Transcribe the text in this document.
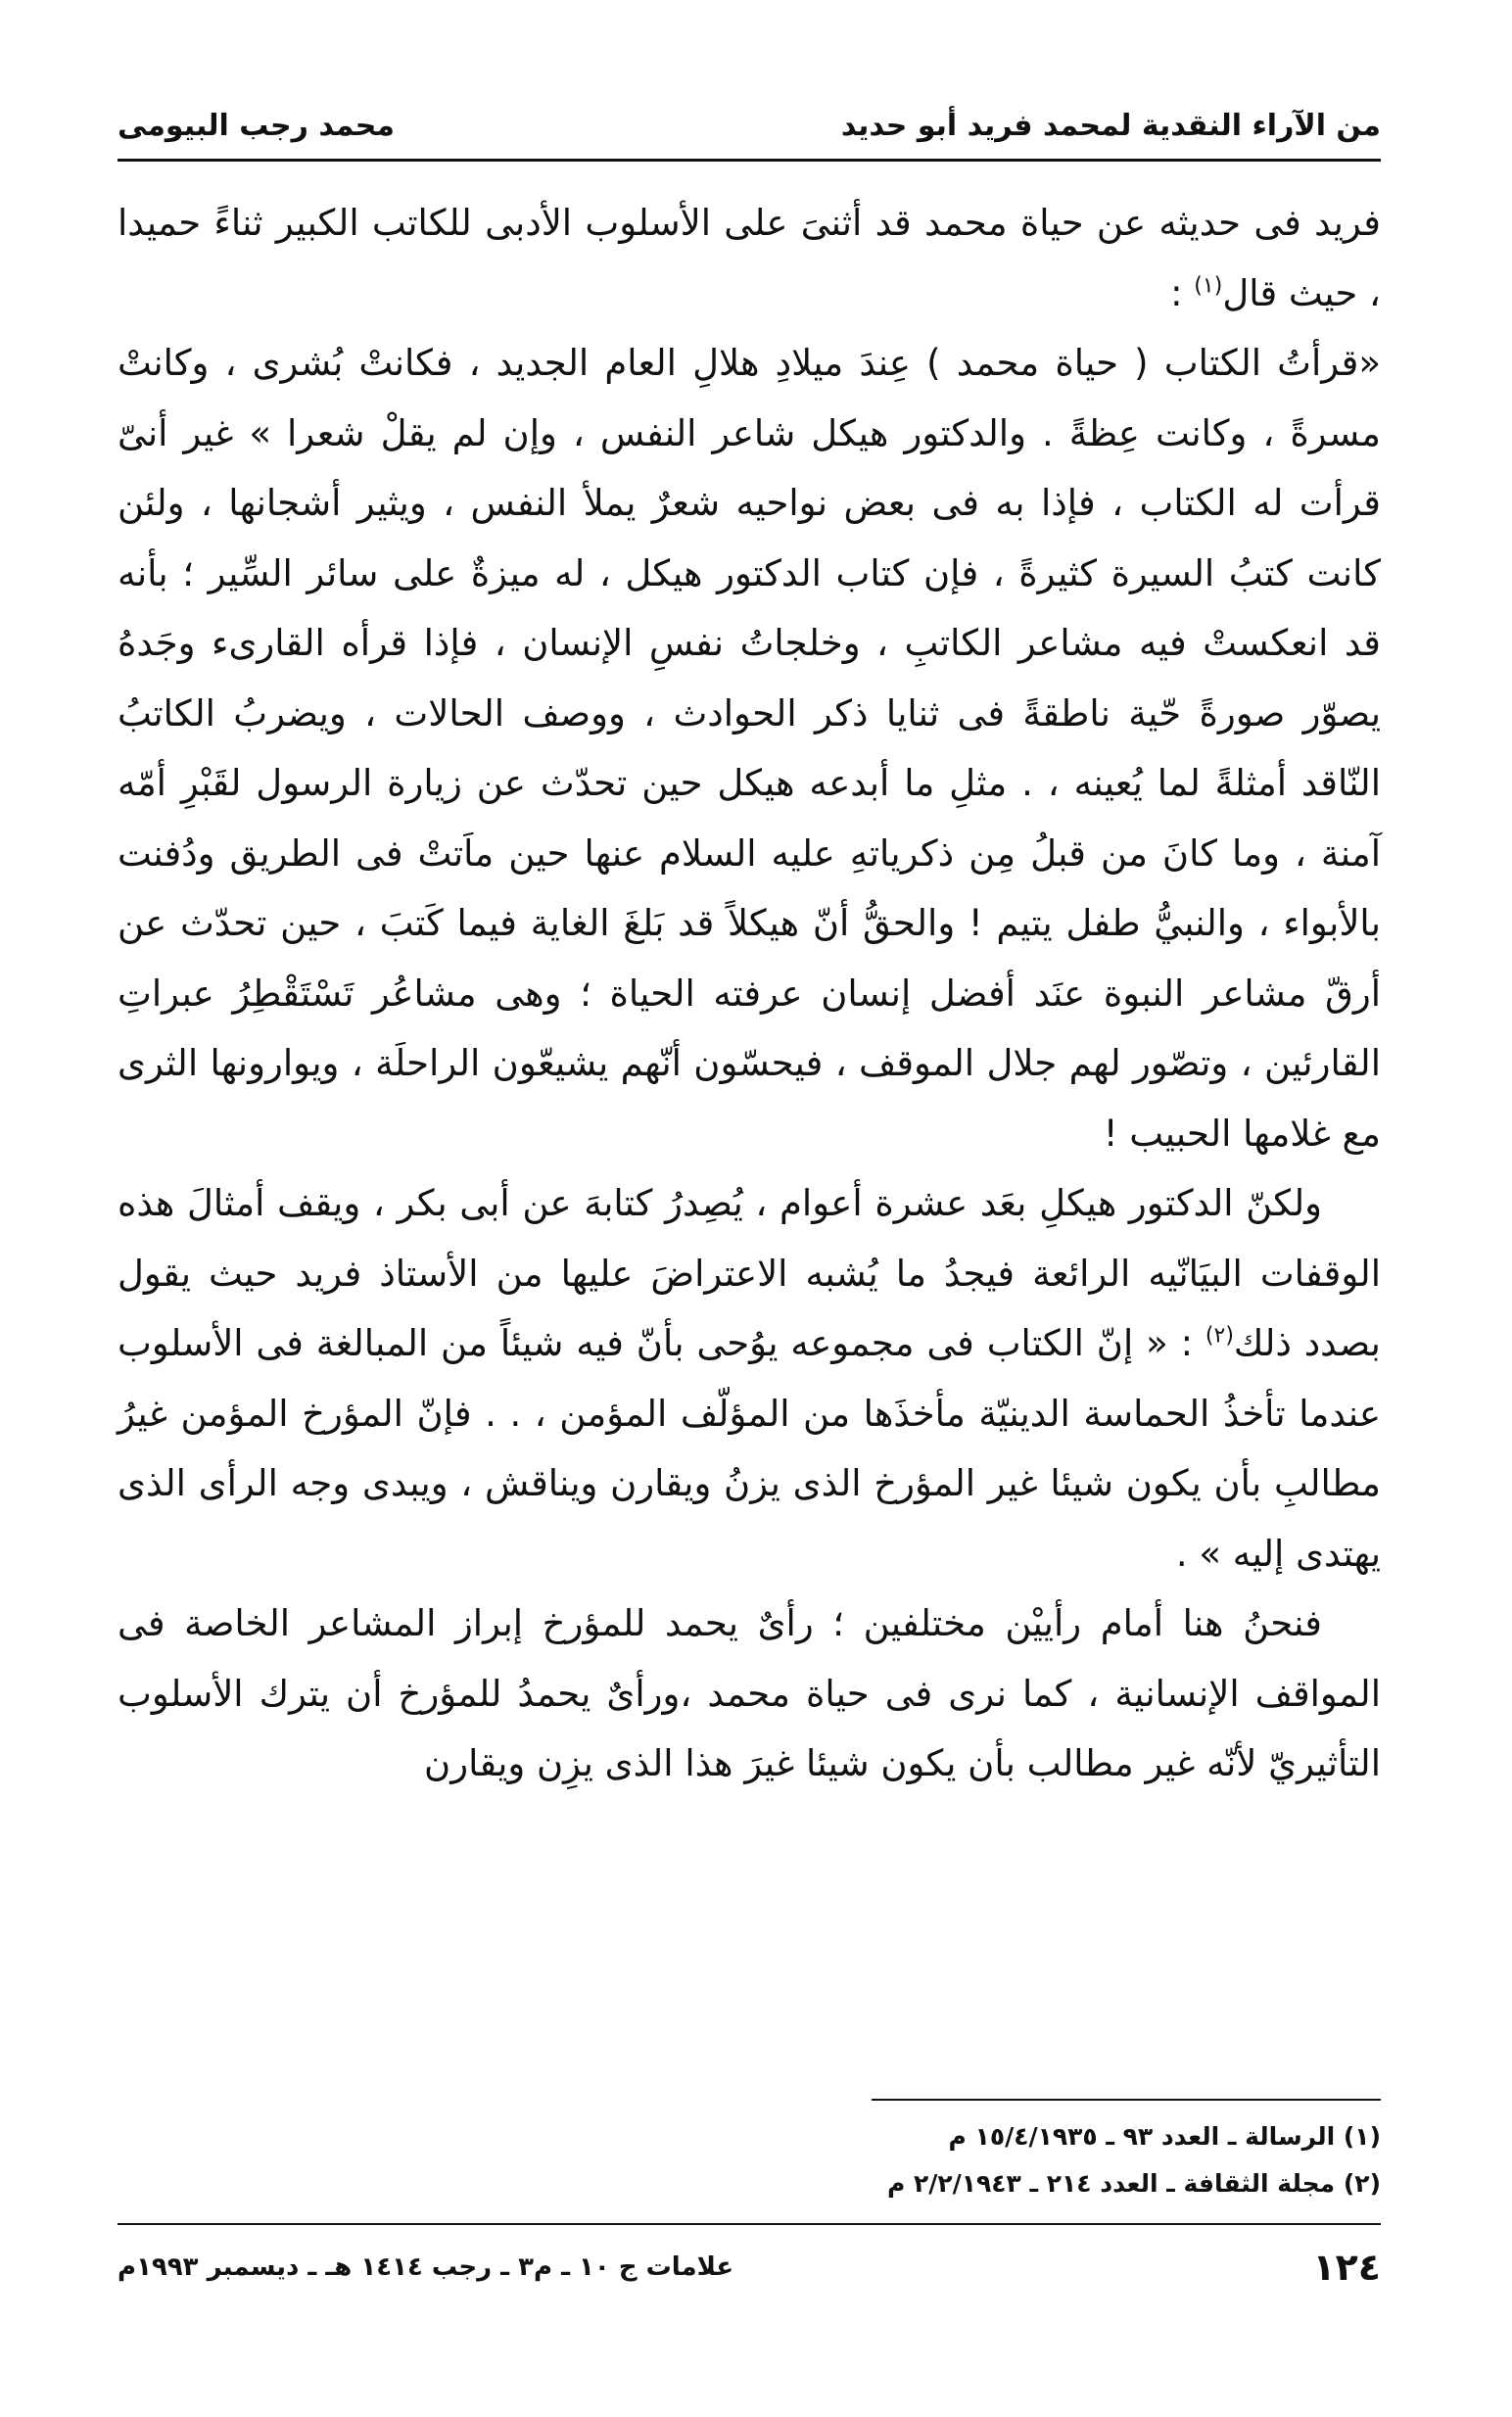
من الآراء النقدية لمحمد فريد أبو حديد
محمد رجب البيومى

فريد فى حديثه عن حياة محمد قد أثنىَ على الأسلوب الأدبى للكاتب الكبير ثناءً حميدا ، حيث قال$^{(١)}$ :

«قرأتُ الكتاب ( حياة محمد ) عِندَ ميلادِ هلالِ العام الجديد ، فكانتْ بُشرى ، وكانتْ مسرةً ، وكانت عِظةً . والدكتور هيكل شاعر النفس ، وإن لم يقلْ شعرا » غير أنىّ قرأت له الكتاب ، فإذا به فى بعض نواحيه شعرٌ يملأ النفس ، ويثير أشجانها ، ولئن كانت كتبُ السيرة كثيرةً ، فإن كتاب الدكتور هيكل ، له ميزةٌ على سائر السِّير ؛ بأنه قد انعكستْ فيه مشاعر الكاتبِ ، وخلجاتُ نفسِ الإنسان ، فإذا قرأه القارىء وجَدهُ يصوّر صورةً حّية ناطقةً فى ثنايا ذكر الحوادث ، ووصف الحالات ، ويضربُ الكاتبُ النّاقد أمثلةً لما يُعينه ، . مثلِ ما أبدعه هيكل حين تحدّث عن زيارة الرسول لقَبْرِ أمّه آمنة ، وما كانَ من قبلُ مِن ذكرياتهِ عليه السلام عنها حين ماَتتْ فى الطريق ودُفنت بالأبواء ، والنبيُّ طفل يتيم ! والحقُّ أنّ هيكلاً قد بَلغَ الغاية فيما كَتبَ ، حين تحدّث عن أرقّ مشاعر النبوة عنَد أفضل إنسان عرفته الحياة ؛ وهى مشاعُر تَسْتَقْطِرُ عبراتِ القارئين ، وتصّور لهم جلال الموقف ، فيحسّون أنّهم يشيعّون الراحلَة ، ويوارونها الثرى مع غلامها الحبيب !

ولكنّ الدكتور هيكلِ بعَد عشرة أعوام ، يُصِدرُ كتابهَ عن أبى بكر ، ويقف أمثالَ هذه الوقفات البيَانّيه الرائعة فيجدُ ما يُشبه الاعتراضَ عليها من الأستاذ فريد حيث يقول بصدد ذلك$^{(٢)}$ : « إنّ الكتاب فى مجموعه يوُحى بأنّ فيه شيئاً من المبالغة فى الأسلوب عندما تأخذُ الحماسة الدينيّة مأخذَها من المؤلّف المؤمن ، . . فإنّ المؤرخ المؤمن غيرُ مطالبِ بأن يكون شيئا غير المؤرخ الذى يزنُ ويقارن ويناقش ، ويبدى وجه الرأى الذى يهتدى إليه » .

فنحنُ هنا أمام رأييْن مختلفين ؛ رأىٌ يحمد للمؤرخ إبراز المشاعر الخاصة فى المواقف الإنسانية ، كما نرى فى حياة محمد ،ورأىٌ يحمدُ للمؤرخ أن يترك الأسلوب التأثيريّ لأنّه غير مطالب بأن يكون شيئا غيرَ هذا الذى يزِن ويقارن

(١) الرسالة ـ العدد ٩٣ ـ ١٥/٤/١٩٣٥ م
(٢) مجلة الثقافة ـ العدد ٢١٤ ـ ٢/٢/١٩٤٣ م
١٢٤
علامات ج ١٠ ـ م٣ ـ رجب ١٤١٤ هـ ـ ديسمبر ١٩٩٣م
